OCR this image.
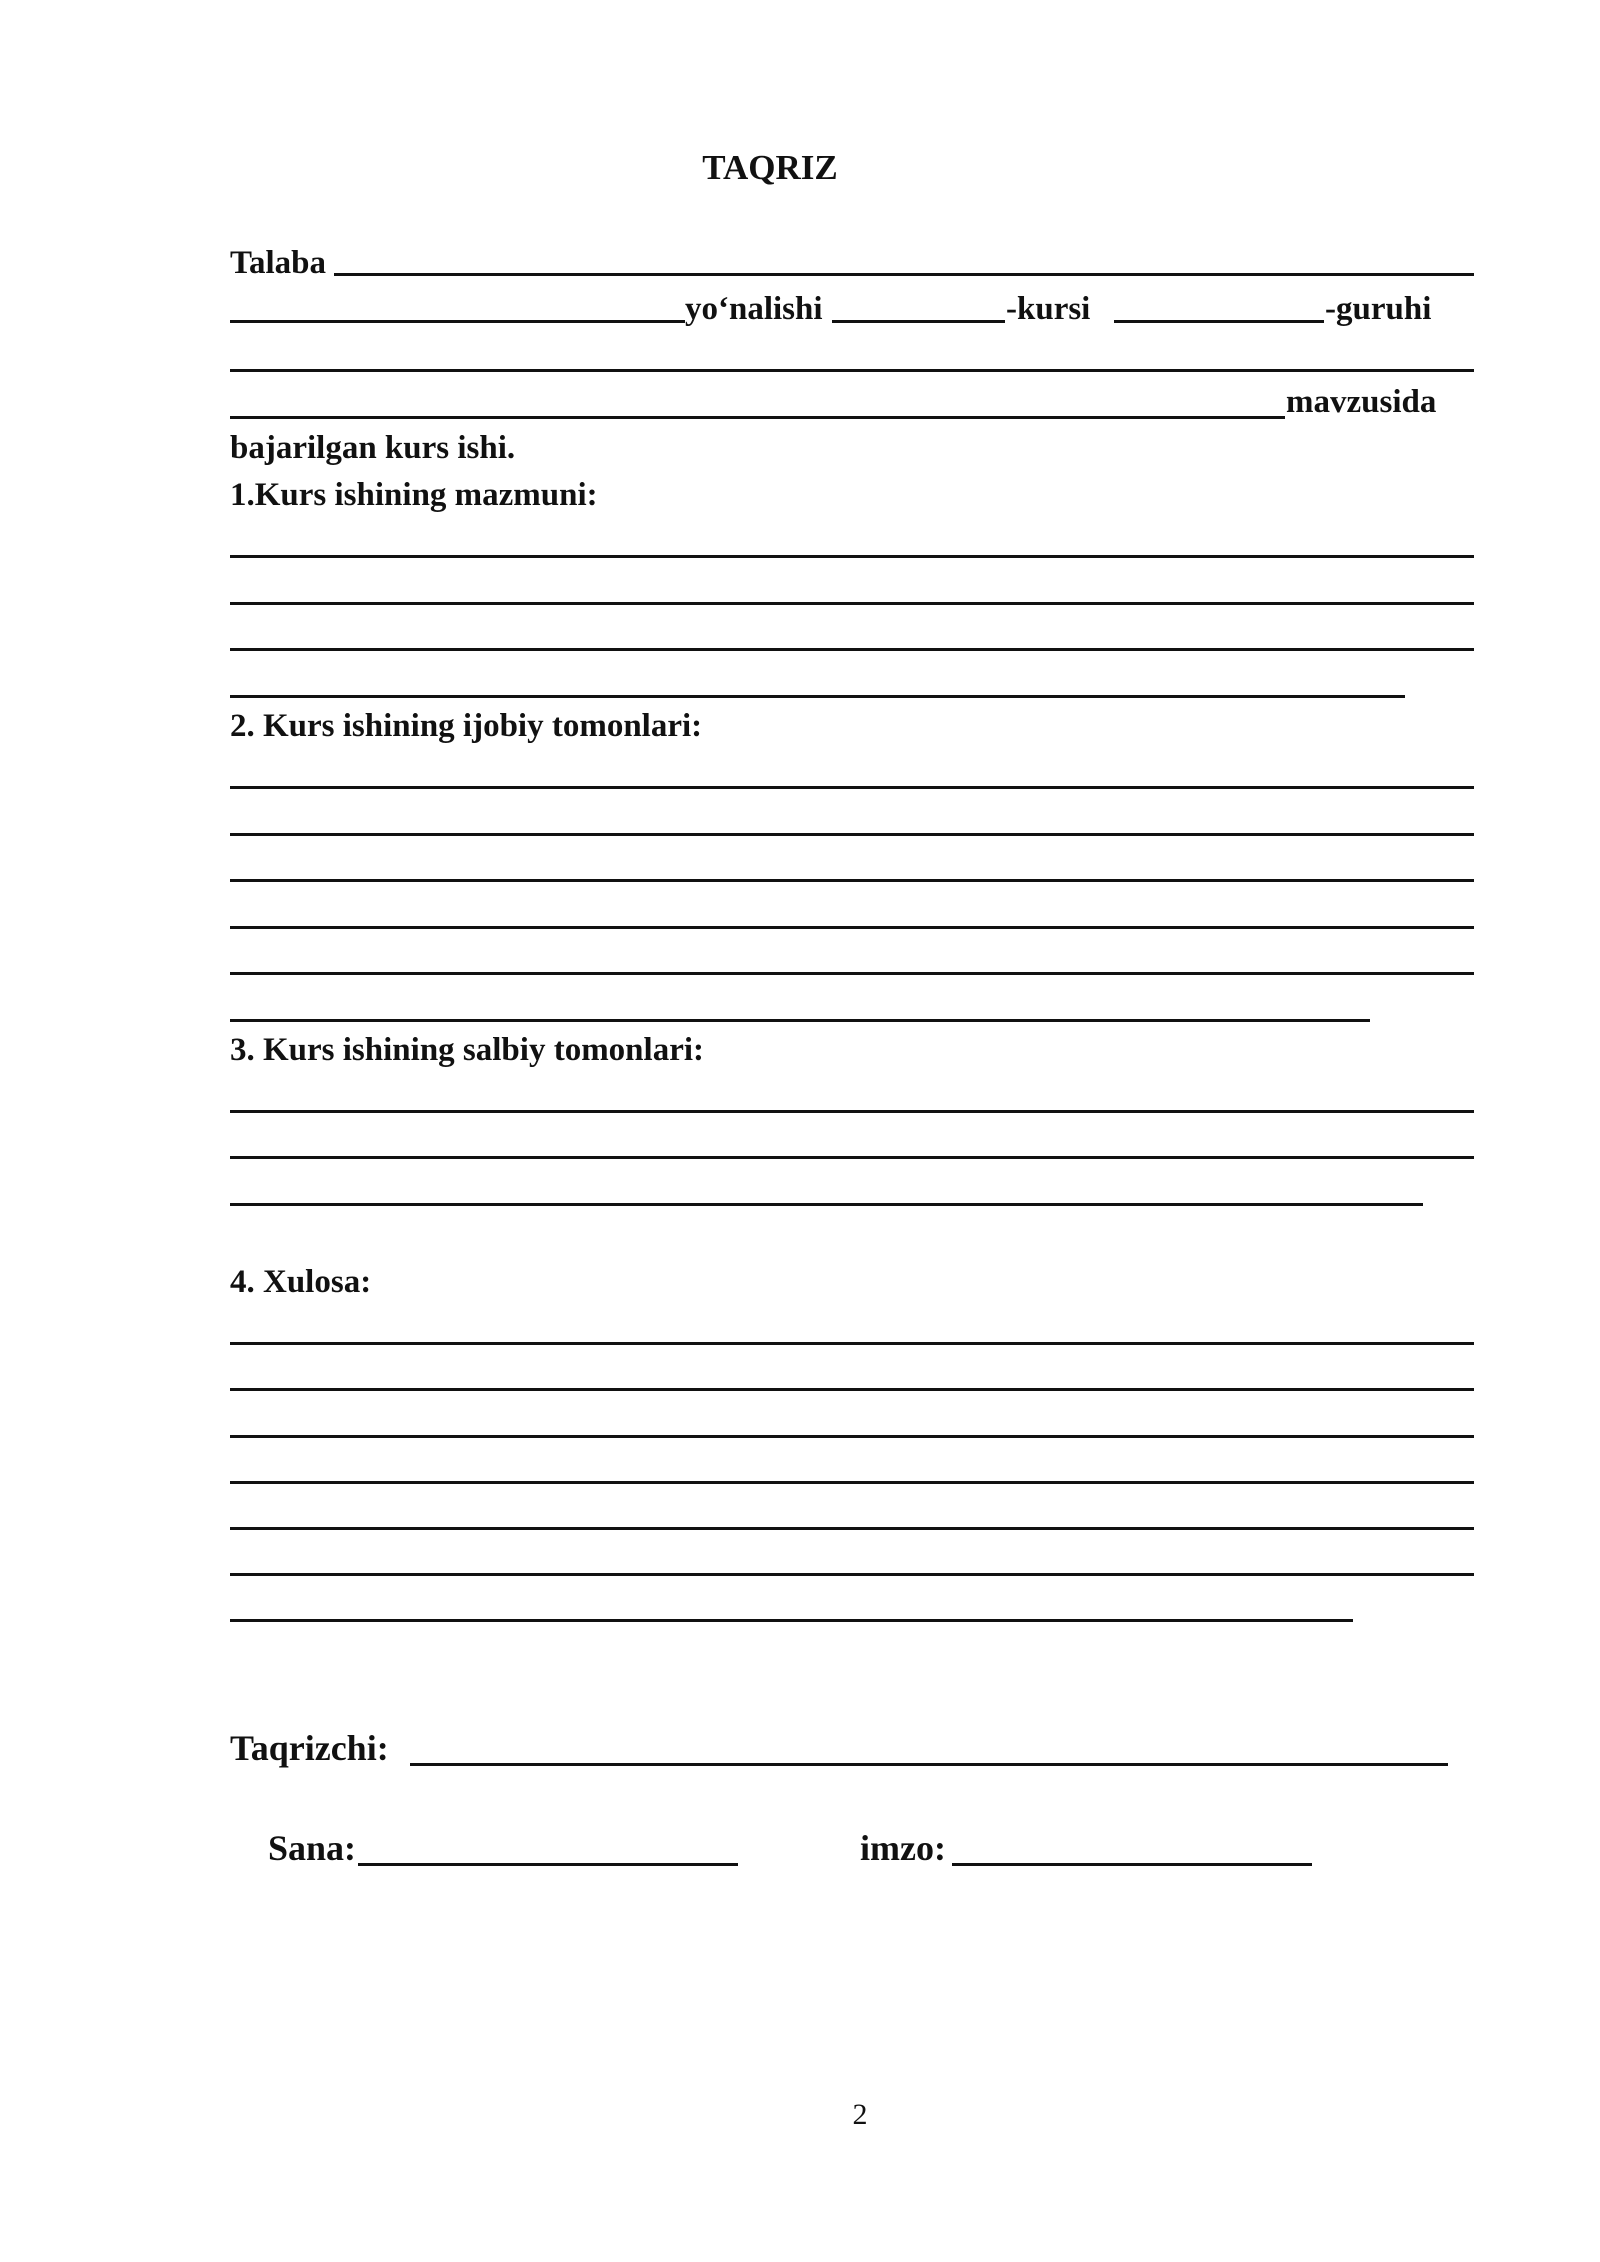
TAQRIZ
Talaba
yo‘nalishi	-kursi	-guruhi
mavzusida
bajarilgan kurs ishi.
1.Kurs ishining mazmuni:
2. Kurs ishining ijobiy tomonlari:
3. Kurs ishining salbiy tomonlari:
4. Xulosa:
Taqrizchi:
Sana:	imzo:
2
